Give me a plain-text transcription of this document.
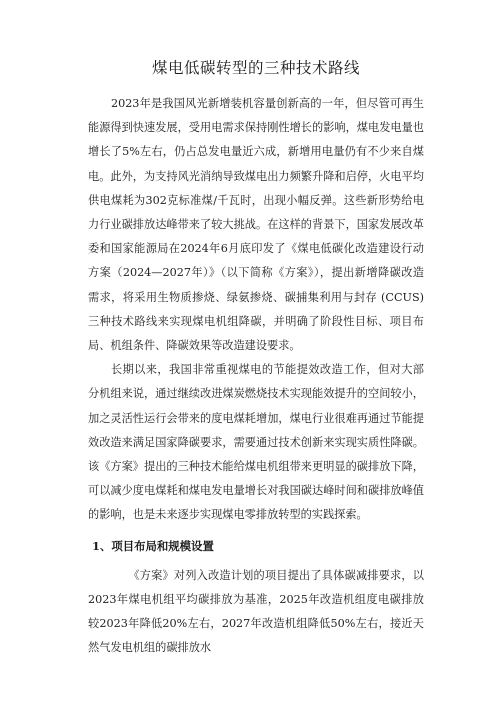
煤电低碳转型的三种技术路线

2023年是我国风光新增装机容量创新高的一年，但尽管可再生能源得到快速发展，受用电需求保持刚性增长的影响，煤电发电量也增长了5%左右，仍占总发电量近六成，新增用电量仍有不少来自煤电。此外，为支持风光消纳导致煤电出力频繁升降和启停，火电平均供电煤耗为302克标准煤/千瓦时，出现小幅反弹。这些新形势给电力行业碳排放达峰带来了较大挑战。在这样的背景下，国家发展改革委和国家能源局在2024年6月底印发了《煤电低碳化改造建设行动方案（2024—2027年）》（以下简称《方案》），提出新增降碳改造需求，将采用生物质掺烧、绿氨掺烧、碳捕集利用与封存 (CCUS) 三种技术路线来实现煤电机组降碳，并明确了阶段性目标、项目布局、机组条件、降碳效果等改造建设要求。

长期以来，我国非常重视煤电的节能提效改造工作，但对大部分机组来说，通过继续改进煤炭燃烧技术实现能效提升的空间较小，加之灵活性运行会带来的度电煤耗增加，煤电行业很难再通过节能提效改造来满足国家降碳要求，需要通过技术创新来实现实质性降碳。该《方案》提出的三种技术能给煤电机组带来更明显的碳排放下降，可以减少度电煤耗和煤电发电量增长对我国碳达峰时间和碳排放峰值的影响，也是未来逐步实现煤电零排放转型的实践探索。

1、项目布局和规模设置

《方案》对列入改造计划的项目提出了具体碳减排要求，以2023年煤电机组平均碳排放为基准，2025年改造机组度电碳排放较2023年降低20%左右，2027年改造机组降低50%左右，接近天然气发电机组的碳排放水
